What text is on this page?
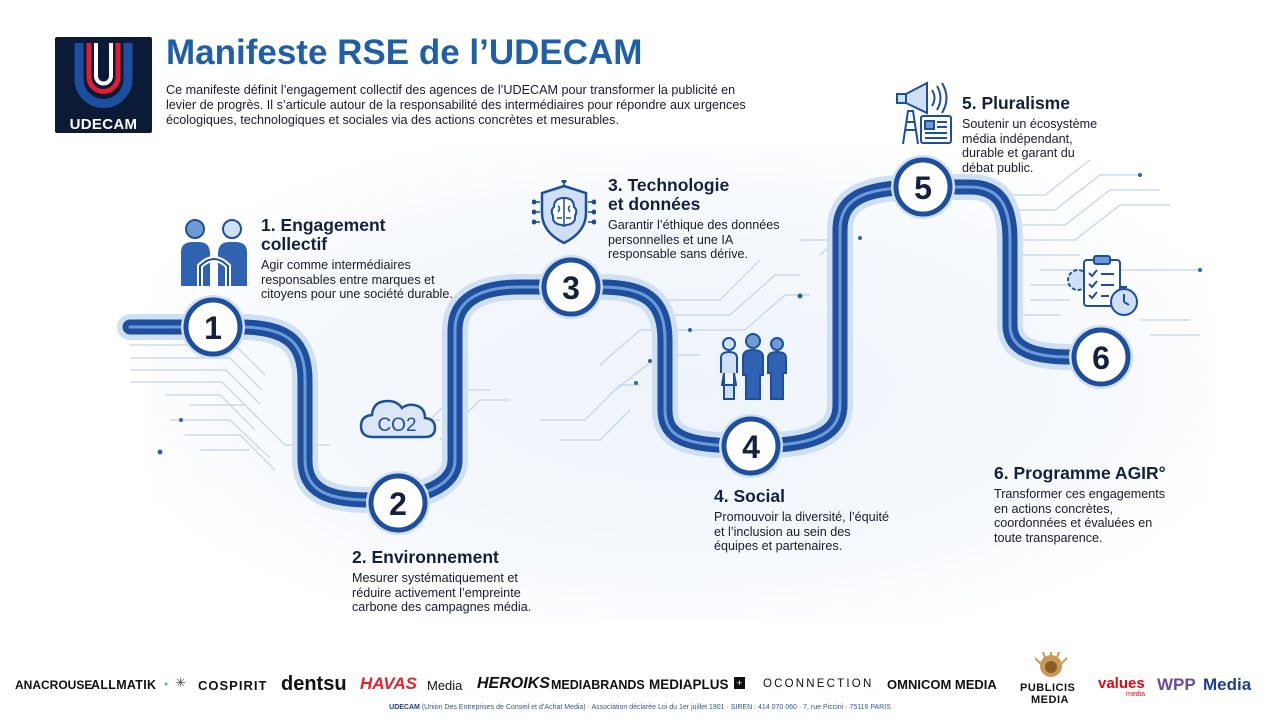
UDECAM
Manifeste RSE de l’UDECAM

Ce manifeste définit l’engagement collectif des agences de l’UDECAM pour transformer la publicité en levier de progrès. Il s’articule autour de la responsabilité des intermédiaires pour répondre aux urgences écologiques, technologiques et sociales via des actions concrètes et mesurables.

1
2
3
4
5
6
CO2
1. Engagement collectif

Agir comme intermédiaires responsables entre marques et citoyens pour une société durable.

2. Environnement

Mesurer systématiquement et réduire activement l’empreinte carbone des campagnes média.

3. Technologie et données

Garantir l’éthique des données personnelles et une IA responsable sans dérive.

4. Social

Promouvoir la diversité, l’équité et l’inclusion au sein des équipes et partenaires.

5. Pluralisme

Soutenir un écosystème média indépendant, durable et garant du débat public.

6. Programme AGIR°

Transformer ces engagements en actions concrètes, coordonnées et évaluées en toute transparence.

ANACROUSE
ALLMATIK • ✳ COSPIRIT dentsu HAVAS Media HEROIKS MEDIABRANDS MEDIAPLUS + OCONNECTION OMNICOM MEDIA PUBLICIS
MEDIA
values
media
WPP Media

UDECAM (Union Des Entreprises de Conseil et d’Achat Media) · Association déclarée Loi du 1er juillet 1901 · SIREN : 414 070 060 · 7, rue Piccini · 75116 PARIS
